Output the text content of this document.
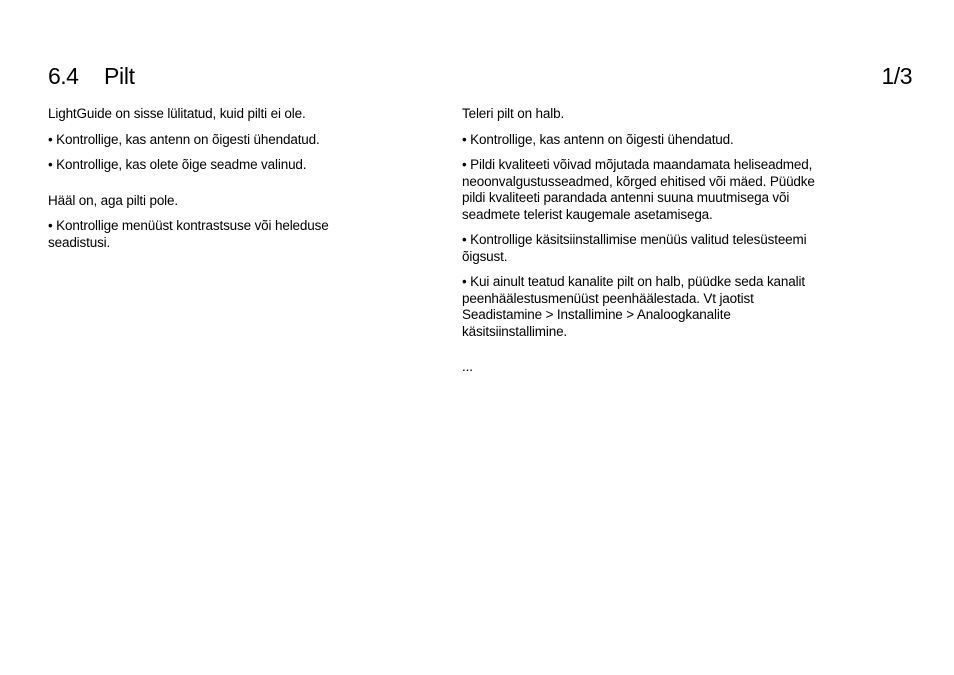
6.4 Pilt	1/3

LightGuide on sisse lülitatud, kuid pilti ei ole.

• Kontrollige, kas antenn on õigesti ühendatud.

• Kontrollige, kas olete õige seadme valinud.

Hääl on, aga pilti pole.

• Kontrollige menüüst kontrastsuse või heleduse seadistusi.

Teleri pilt on halb.

• Kontrollige, kas antenn on õigesti ühendatud.

• Pildi kvaliteeti võivad mõjutada maandamata heliseadmed, neoonvalgustusseadmed, kõrged ehitised või mäed. Püüdke pildi kvaliteeti parandada antenni suuna muutmisega või seadmete telerist kaugemale asetamisega.

• Kontrollige käsitsiinstallimise menüüs valitud telesüsteemi õigsust.

• Kui ainult teatud kanalite pilt on halb, püüdke seda kanalit peenhäälestusmenüüst peenhäälestada. Vt jaotist Seadistamine > Installimine > Analoogkanalite käsitsiinstallimine.

...
